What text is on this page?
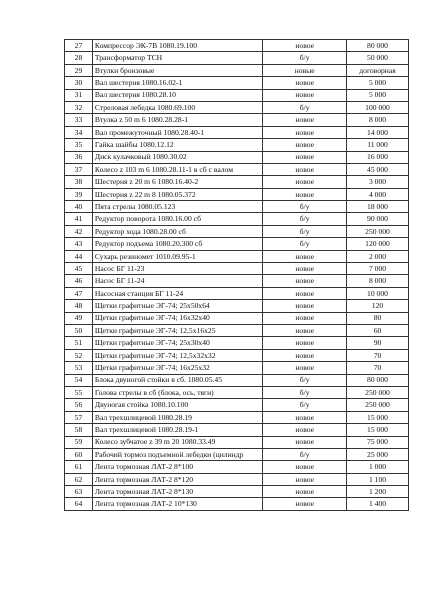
27	Компрессор ЭК-7В 1080.19.100	новое	80 000
28	Трансформатор ТСН	б/у	50 000
29	Втулки бронзовые	новые	договорная
30	Вал шестерня 1080.16.02-1	новое	5 000
31	Вал шестерня 1080.28.10	новое	5 000
32	Стреловая лебедка 1080.69.100	б/у	100 000
33	Втулка z 50 m 6 1080.28.28-1	новое	8 000
34	Вал промежуточный 1080.28.40-1	новое	14 000
35	Гайка шайбы 1080.12.12	новое	11 000
36	Диск кулачковый 1080.30.02	новое	16 000
37	Колесо z 103 m 6 1080.28.11-1 в сб с валом	новое	45 000
38	Шестерня z 20 m 6 1080.16.40-2	новое	3 000
39	Шестерня z 22 m 8 1080.05.372	новое	4 000
40	Пята стрелы 1080.05.123	б/у	18 000
41	Редуктор поворота 1080.16.00 сб	б/у	90 000
42	Редуктор хода 1080.28.00 сб	б/у	250 000
43	Редуктор подъема 1080.20.300 сб	б/у	120 000
44	Сухарь резиномет 1010.09.95-1	новое	2 000
45	Насос БГ 11-23	новое	7 000
46	Насос БГ 11-24	новое	8 000
47	Насосная станция БГ 11-24	новое	10 000
48	Щетки графитные ЭГ-74; 25х50х64	новое	120
49	Щетки графитные ЭГ-74; 16х32х40	новое	80
50	Щетки графитные ЭГ-74; 12,5х16х25	новое	60
51	Щетки графитные ЭГ-74; 25х30х40	новое	90
52	Щетки графитные ЭГ-74; 12,5х32х32	новое	70
53	Щетки графитные ЭГ-74; 16х25х32	новое	70
54	Блока двуногой стойки в сб. 1080.05.45	б/у	80 000
55	Голова стрелы в сб (блока, ось, тяги)	б/у	250 000
56	Двуногая стойка 1080.10.100	б/у	250 000
57	Вал трехшлицевой 1080.28.19	новое	15 000
58	Вал трехшлицевой 1080.28.19-1	новое	15 000
59	Колесо зубчатое z 39 m 20 1080.33.49	новое	75 000
60	Рабочий тормоз подъемной лебедки (цилиндр	б/у	25 000
61	Лента тормозная ЛАТ-2 8*100	новое	1 000
62	Лента тормозная ЛАТ-2 8*120	новое	1 100
63	Лента тормозная ЛАТ-2 8*130	новое	1 200
64	Лента тормозная ЛАТ-2 10*130	новое	1 400
